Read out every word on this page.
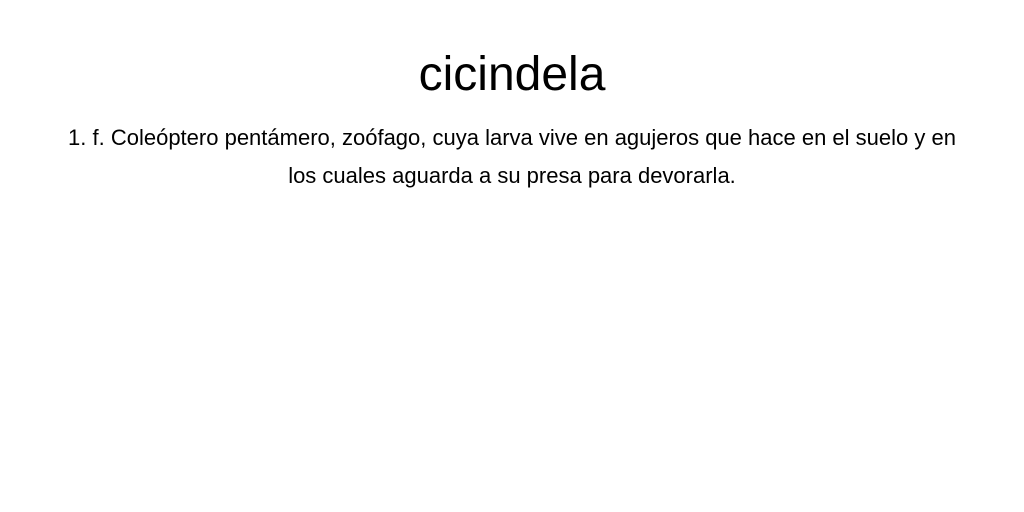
cicindela

1. f. Coleóptero pentámero, zoófago, cuya larva vive en agujeros que hace en el suelo y en los cuales aguarda a su presa para devorarla.
